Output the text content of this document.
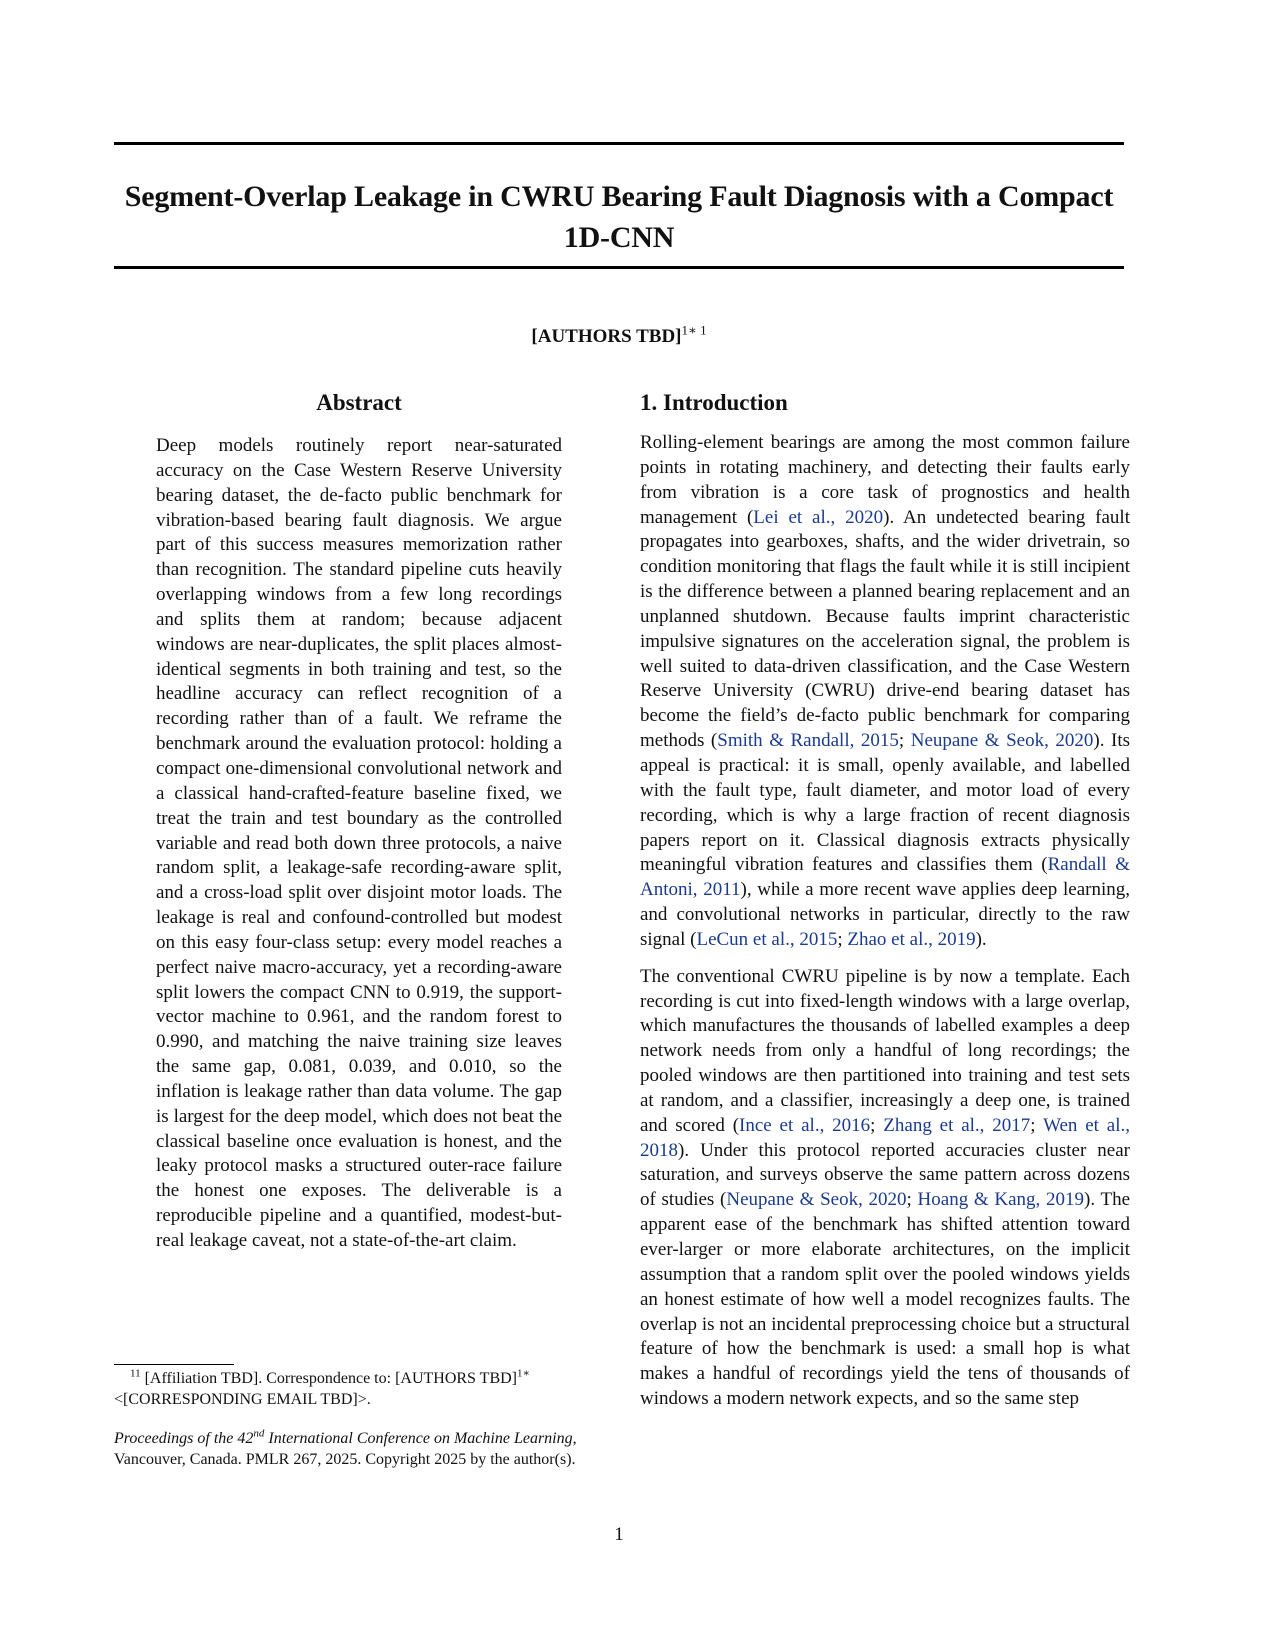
Segment-Overlap Leakage in CWRU Bearing Fault Diagnosis with a Compact 1D-CNN
[AUTHORS TBD]$^{1∗ 1}$
Abstract

Deep models routinely report near-saturated accuracy on the Case Western Reserve University bearing dataset, the de-facto public benchmark for vibration-based bearing fault diagnosis. We argue part of this success measures memorization rather than recognition. The standard pipeline cuts heavily overlapping windows from a few long recordings and splits them at random; because adjacent windows are near-duplicates, the split places almost-identical segments in both training and test, so the headline accuracy can reflect recognition of a recording rather than of a fault. We reframe the benchmark around the evaluation protocol: holding a compact one-dimensional convolutional network and a classical hand-crafted-feature baseline fixed, we treat the train and test boundary as the controlled variable and read both down three protocols, a naive random split, a leakage-safe recording-aware split, and a cross-load split over disjoint motor loads. The leakage is real and confound-controlled but modest on this easy four-class setup: every model reaches a perfect naive macro-accuracy, yet a recording-aware split lowers the compact CNN to 0.919, the support-vector machine to 0.961, and the random forest to 0.990, and matching the naive training size leaves the same gap, 0.081, 0.039, and 0.010, so the inflation is leakage rather than data volume. The gap is largest for the deep model, which does not beat the classical baseline once evaluation is honest, and the leaky protocol masks a structured outer-race failure the honest one exposes. The deliverable is a reproducible pipeline and a quantified, modest-but-real leakage caveat, not a state-of-the-art claim.

1. Introduction

Rolling-element bearings are among the most common failure points in rotating machinery, and detecting their faults early from vibration is a core task of prognostics and health management (Lei et al., 2020). An undetected bearing fault propagates into gearboxes, shafts, and the wider drivetrain, so condition monitoring that flags the fault while it is still incipient is the difference between a planned bearing replacement and an unplanned shutdown. Because faults imprint characteristic impulsive signatures on the acceleration signal, the problem is well suited to data-driven classification, and the Case Western Reserve University (CWRU) drive-end bearing dataset has become the field’s de-facto public benchmark for comparing methods (Smith & Randall, 2015; Neupane & Seok, 2020). Its appeal is practical: it is small, openly available, and labelled with the fault type, fault diameter, and motor load of every recording, which is why a large fraction of recent diagnosis papers report on it. Classical diagnosis extracts physically meaningful vibration features and classifies them (Randall & Antoni, 2011), while a more recent wave applies deep learning, and convolutional networks in particular, directly to the raw signal (LeCun et al., 2015; Zhao et al., 2019).

The conventional CWRU pipeline is by now a template. Each recording is cut into fixed-length windows with a large overlap, which manufactures the thousands of labelled examples a deep network needs from only a handful of long recordings; the pooled windows are then partitioned into training and test sets at random, and a classifier, increasingly a deep one, is trained and scored (Ince et al., 2016; Zhang et al., 2017; Wen et al., 2018). Under this protocol reported accuracies cluster near saturation, and surveys observe the same pattern across dozens of studies (Neupane & Seok, 2020; Hoang & Kang, 2019). The apparent ease of the benchmark has shifted attention toward ever-larger or more elaborate architectures, on the implicit assumption that a random split over the pooled windows yields an honest estimate of how well a model recognizes faults. The overlap is not an incidental preprocessing choice but a structural feature of how the benchmark is used: a small hop is what makes a handful of recordings yield the tens of thousands of windows a modern network expects, and so the same step

$^{11}$ [Affiliation TBD]. Correspondence to: [AUTHORS TBD]$^{1∗}$
<[CORRESPONDING EMAIL TBD]>.
Proceedings of the 42nd International Conference on Machine Learning, Vancouver, Canada. PMLR 267, 2025. Copyright 2025 by the author(s).
1
